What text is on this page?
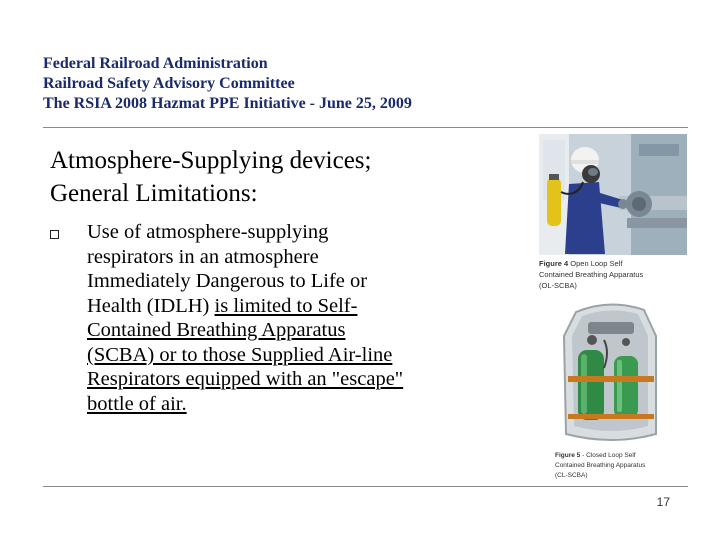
Federal Railroad Administration
Railroad Safety Advisory Committee
The RSIA 2008 Hazmat PPE Initiative - June 25, 2009
Atmosphere-Supplying devices;
General Limitations:
Use of atmosphere-supplying
respirators in an atmosphere
Immediately Dangerous to Life or
Health (IDLH) is limited to Self-
Contained Breathing Apparatus
(SCBA) or to those Supplied Air-line
Respirators equipped with an "escape"
bottle of air.
Figure 4 Open Loop Self
Contained Breathing Apparatus
(OL-SCBA)
Figure 5 - Closed Loop Self
Contained Breathing Apparatus
(CL-SCBA)
17
